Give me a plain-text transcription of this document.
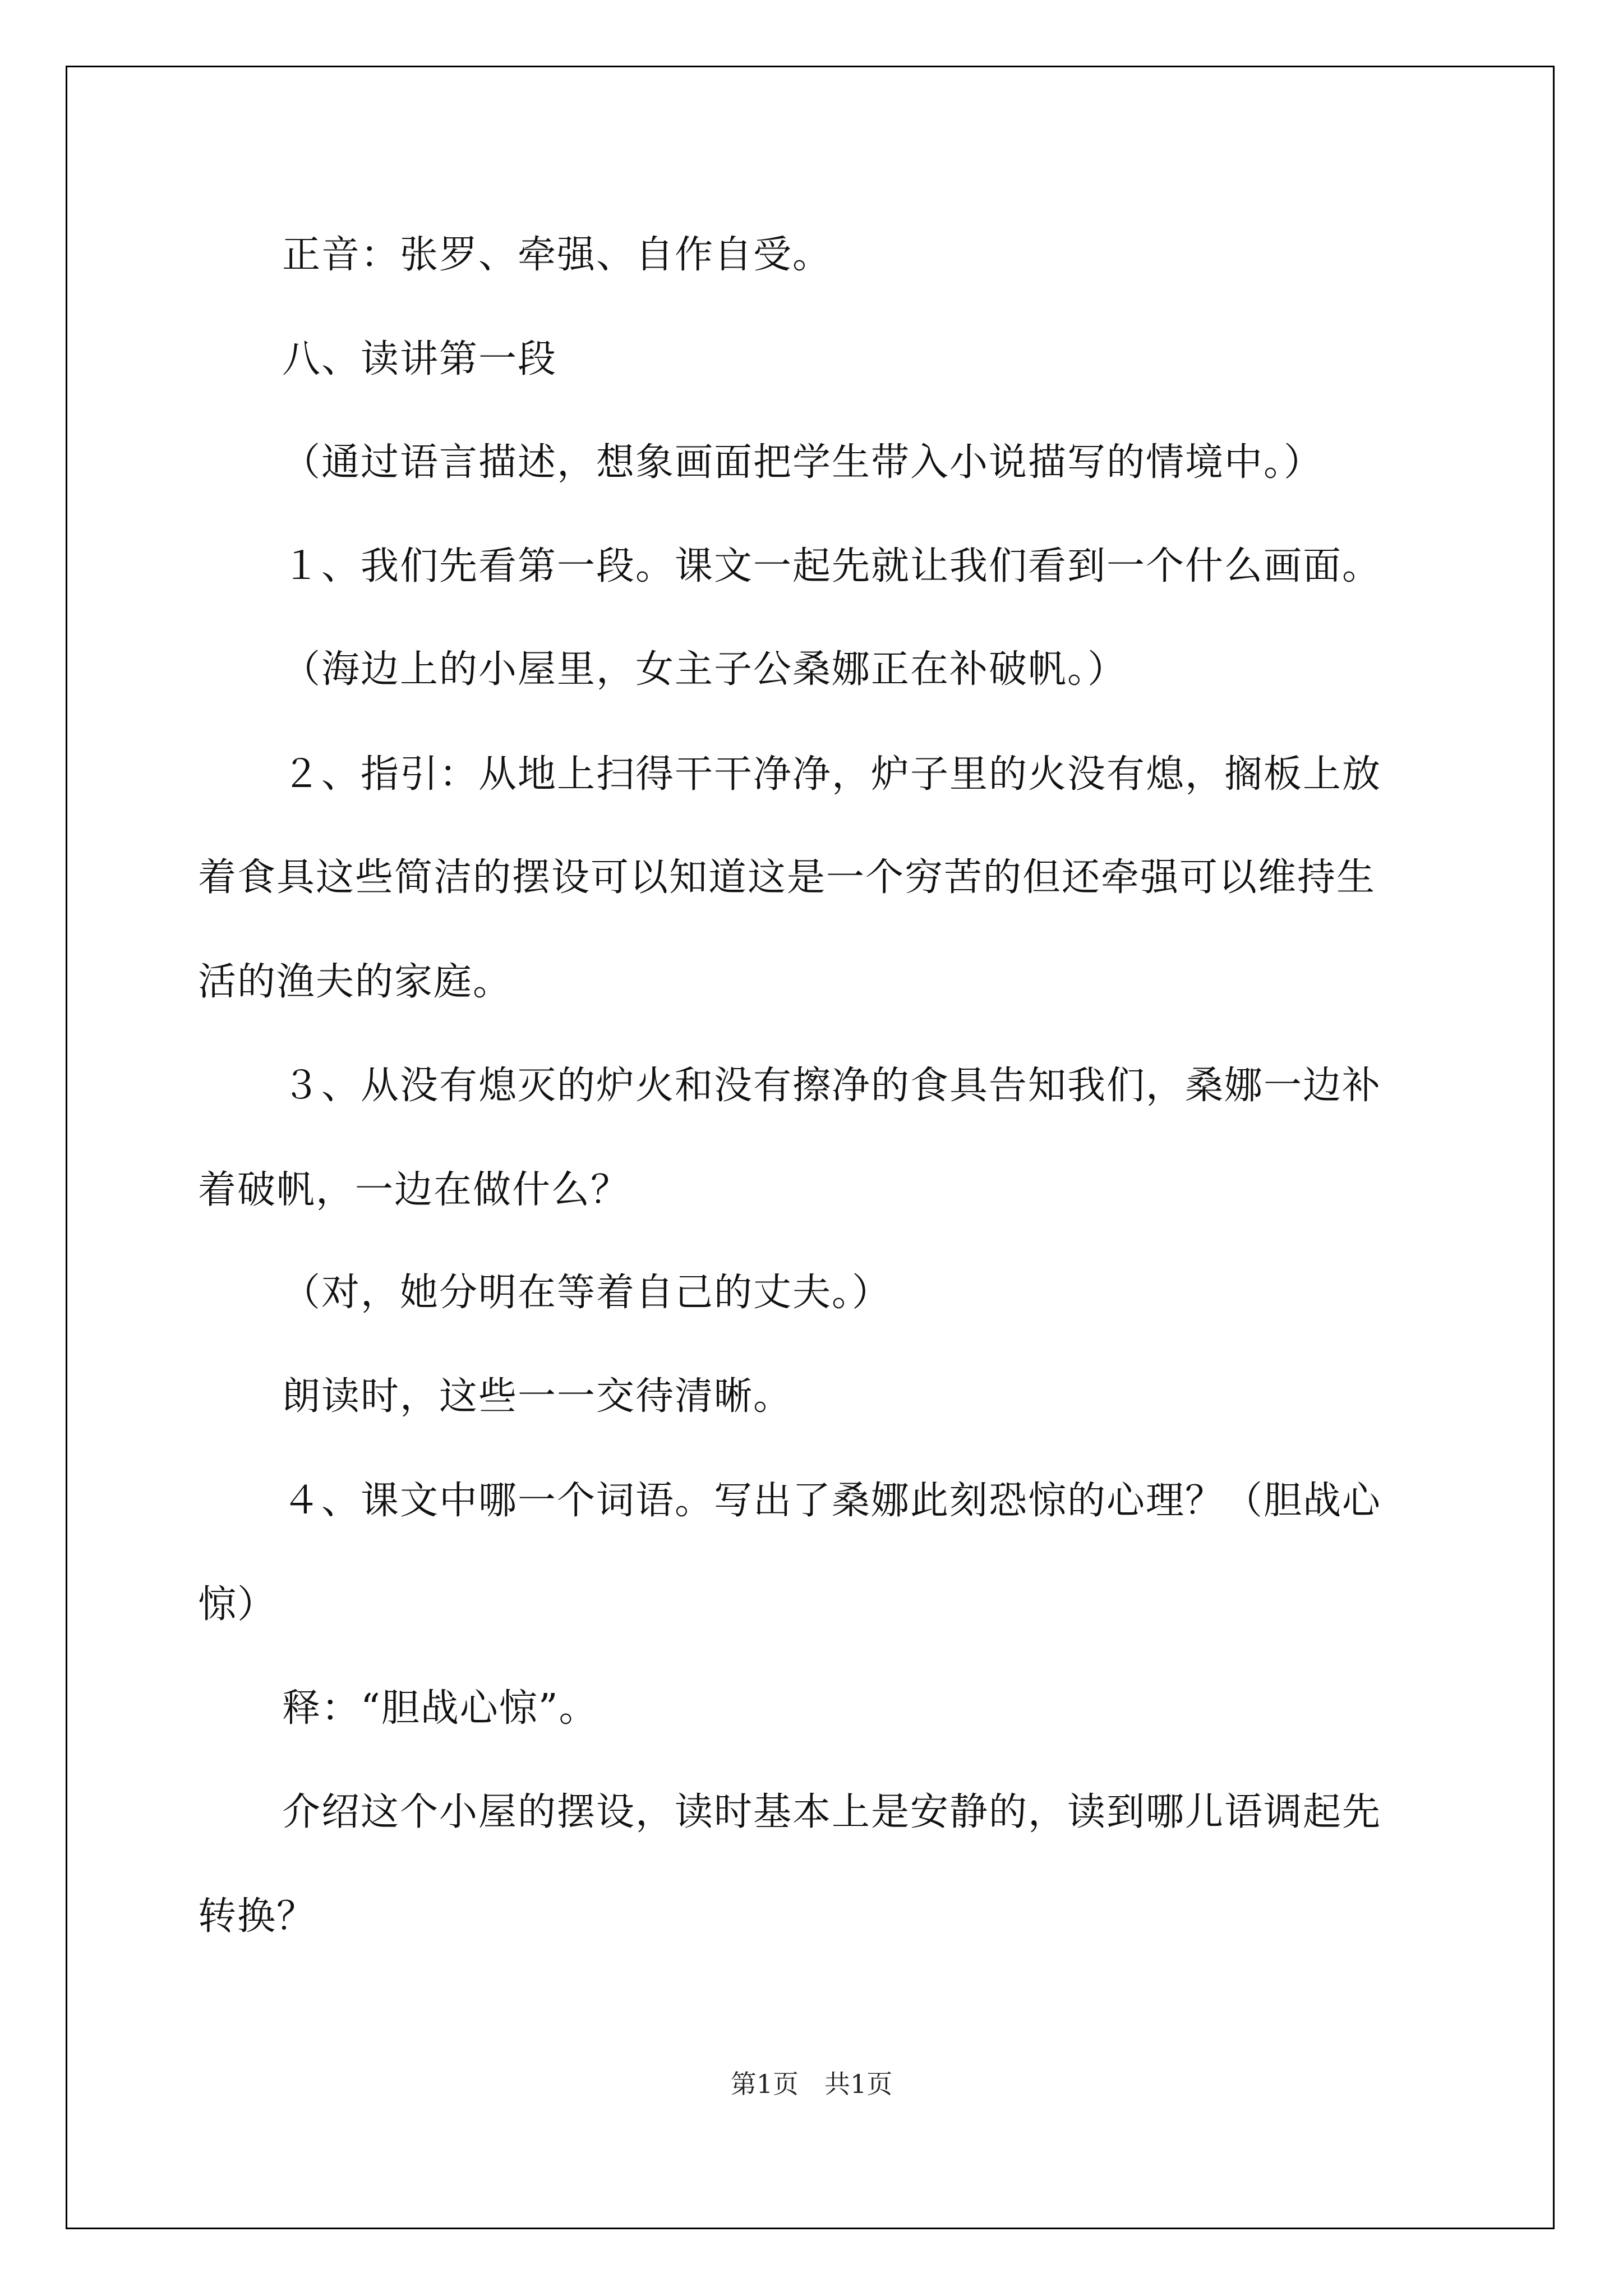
正音：张罗、牵强、自作自受。
八、读讲第一段
（通过语言描述，想象画面把学生带入小说描写的情境中。）
１、我们先看第一段。课文一起先就让我们看到一个什么画面。
（海边上的小屋里，女主子公桑娜正在补破帆。）
２、指引：从地上扫得干干净净，炉子里的火没有熄，搁板上放
着食具这些简洁的摆设可以知道这是一个穷苦的但还牵强可以维持生
活的渔夫的家庭。
３、从没有熄灭的炉火和没有擦净的食具告知我们，桑娜一边补
着破帆，一边在做什么？
（对，她分明在等着自己的丈夫。）
朗读时，这些一一交待清晰。
４、课文中哪一个词语。写出了桑娜此刻恐惊的心理？（胆战心
惊）
释：“胆战心惊”。
介绍这个小屋的摆设，读时基本上是安静的，读到哪儿语调起先
转换？
第1页　共1页
